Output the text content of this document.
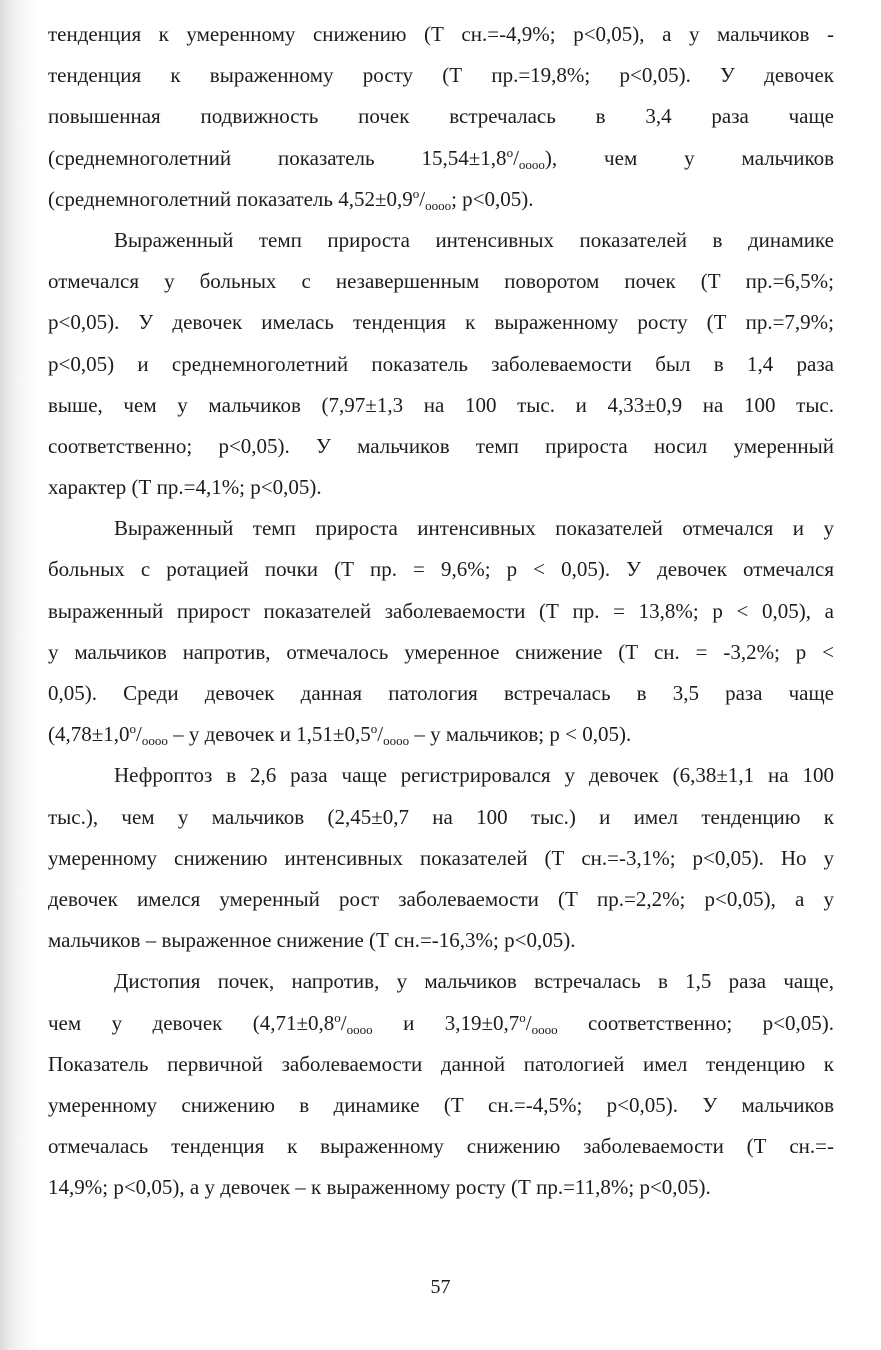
тенденция к умеренному снижению (Т сн.=-4,9%; р<0,05), а у мальчиков -
тенденция к выраженному росту (Т пр.=19,8%; р<0,05). У девочек
повышенная подвижность почек встречалась в 3,4 раза чаще
(среднемноголетний показатель $15,54\pm 1,8^о/_{oooo}$), чем у мальчиков
(среднемноголетний показатель $4,52\pm 0,9^о/_{oooo}$; р<0,05).
Выраженный темп прироста интенсивных показателей в динамике
отмечался у больных с незавершенным поворотом почек (Т пр.=6,5%;
р<0,05). У девочек имелась тенденция к выраженному росту (Т пр.=7,9%;
р<0,05) и среднемноголетний показатель заболеваемости был в 1,4 раза
выше, чем у мальчиков (7,97±1,3 на 100 тыс. и 4,33±0,9 на 100 тыс.
соответственно; р<0,05). У мальчиков темп прироста носил умеренный
характер (Т пр.=4,1%; р<0,05).
Выраженный темп прироста интенсивных показателей отмечался и у
больных с ротацией почки (Т пр. = 9,6%; р < 0,05). У девочек отмечался
выраженный прирост показателей заболеваемости (Т пр. = 13,8%; р < 0,05), а
у мальчиков напротив, отмечалось умеренное снижение (Т сн. = -3,2%; р <
0,05). Среди девочек данная патология встречалась в 3,5 раза чаще
($4,78\pm 1,0^о/_{oooo} - у$ девочек и $1,51\pm 0,5^о/_{oooo} - у$ мальчиков; р < 0,05).
Нефроптоз в 2,6 раза чаще регистрировался у девочек (6,38±1,1 на 100
тыс.), чем у мальчиков (2,45±0,7 на 100 тыс.) и имел тенденцию к
умеренному снижению интенсивных показателей (Т сн.=-3,1%; р<0,05). Но у
девочек имелся умеренный рост заболеваемости (Т пр.=2,2%; р<0,05), а у
мальчиков – выраженное снижение (Т сн.=-16,3%; р<0,05).
Дистопия почек, напротив, у мальчиков встречалась в 1,5 раза чаще,
чем у девочек ($4,71\pm 0,8^о/_{oooo}$ и $3,19\pm 0,7^о/_{oooo}$ соответственно; р<0,05).
Показатель первичной заболеваемости данной патологией имел тенденцию к
умеренному снижению в динамике (Т сн.=-4,5%; р<0,05). У мальчиков
отмечалась тенденция к выраженному снижению заболеваемости (Т сн.=-
14,9%; р<0,05), а у девочек – к выраженному росту (Т пр.=11,8%; р<0,05).
57
